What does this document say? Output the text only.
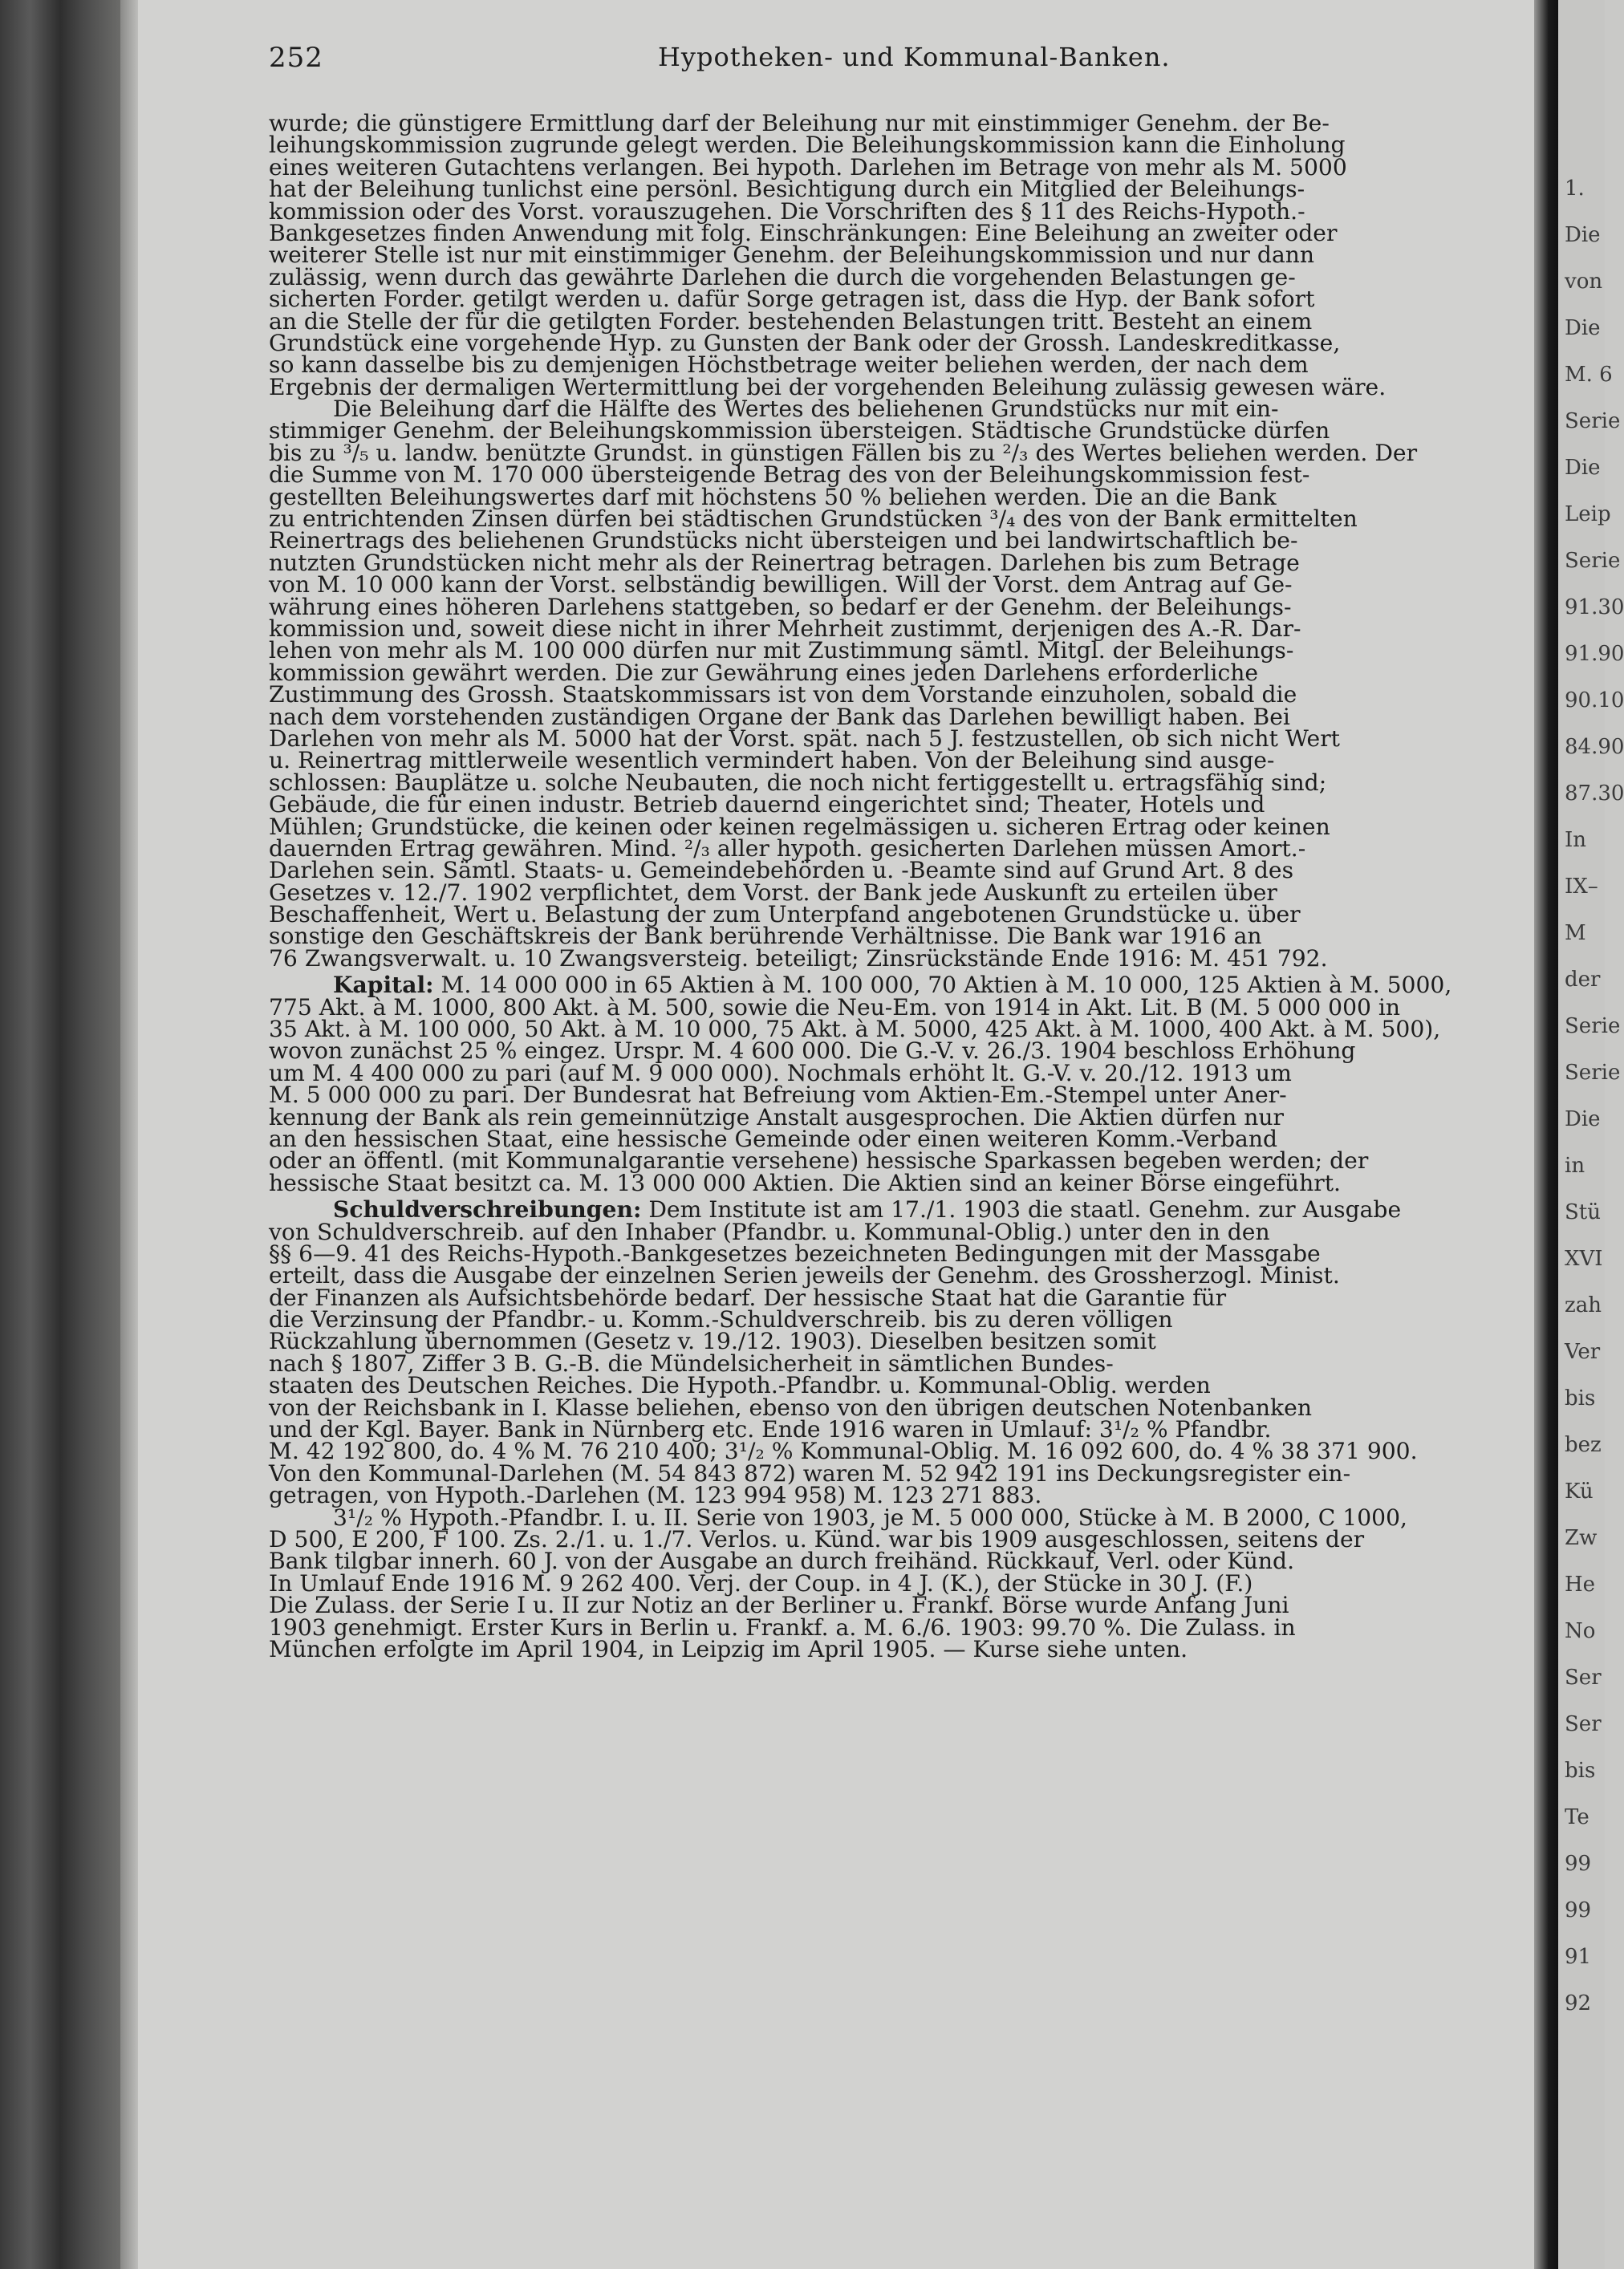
1.
Die
von
Die
M. 6
Serie
Die
Leip
Serie
91.30
91.90
90.10
84.90
87.30
In
IX–
M
der
Serie
Serie
Die
in
Stü
XVI
zah
Ver
bis
bez
Kü
Zw
He
No
Ser
Ser
bis
Te
99
99
91
92
252	Hypotheken- und Kommunal-Banken.
wurde; die günstigere Ermittlung darf der Beleihung nur mit einstimmiger Genehm. der Be-
leihungskommission zugrunde gelegt werden. Die Beleihungskommission kann die Einholung
eines weiteren Gutachtens verlangen. Bei hypoth. Darlehen im Betrage von mehr als M. 5000
hat der Beleihung tunlichst eine persönl. Besichtigung durch ein Mitglied der Beleihungs-
kommission oder des Vorst. vorauszugehen. Die Vorschriften des § 11 des Reichs-Hypoth.-
Bankgesetzes finden Anwendung mit folg. Einschränkungen: Eine Beleihung an zweiter oder
weiterer Stelle ist nur mit einstimmiger Genehm. der Beleihungskommission und nur dann
zulässig, wenn durch das gewährte Darlehen die durch die vorgehenden Belastungen ge-
sicherten Forder. getilgt werden u. dafür Sorge getragen ist, dass die Hyp. der Bank sofort
an die Stelle der für die getilgten Forder. bestehenden Belastungen tritt. Besteht an einem
Grundstück eine vorgehende Hyp. zu Gunsten der Bank oder der Grossh. Landeskreditkasse,
so kann dasselbe bis zu demjenigen Höchstbetrage weiter beliehen werden, der nach dem
Ergebnis der dermaligen Wertermittlung bei der vorgehenden Beleihung zulässig gewesen wäre.
Die Beleihung darf die Hälfte des Wertes des beliehenen Grundstücks nur mit ein-
stimmiger Genehm. der Beleihungskommission übersteigen. Städtische Grundstücke dürfen
bis zu ³/₅ u. landw. benützte Grundst. in günstigen Fällen bis zu ²/₃ des Wertes beliehen werden. Der
die Summe von M. 170 000 übersteigende Betrag des von der Beleihungskommission fest-
gestellten Beleihungswertes darf mit höchstens 50 % beliehen werden. Die an die Bank
zu entrichtenden Zinsen dürfen bei städtischen Grundstücken ³/₄ des von der Bank ermittelten
Reinertrags des beliehenen Grundstücks nicht übersteigen und bei landwirtschaftlich be-
nutzten Grundstücken nicht mehr als der Reinertrag betragen. Darlehen bis zum Betrage
von M. 10 000 kann der Vorst. selbständig bewilligen. Will der Vorst. dem Antrag auf Ge-
währung eines höheren Darlehens stattgeben, so bedarf er der Genehm. der Beleihungs-
kommission und, soweit diese nicht in ihrer Mehrheit zustimmt, derjenigen des A.-R. Dar-
lehen von mehr als M. 100 000 dürfen nur mit Zustimmung sämtl. Mitgl. der Beleihungs-
kommission gewährt werden. Die zur Gewährung eines jeden Darlehens erforderliche
Zustimmung des Grossh. Staatskommissars ist von dem Vorstande einzuholen, sobald die
nach dem vorstehenden zuständigen Organe der Bank das Darlehen bewilligt haben. Bei
Darlehen von mehr als M. 5000 hat der Vorst. spät. nach 5 J. festzustellen, ob sich nicht Wert
u. Reinertrag mittlerweile wesentlich vermindert haben. Von der Beleihung sind ausge-
schlossen: Bauplätze u. solche Neubauten, die noch nicht fertiggestellt u. ertragsfähig sind;
Gebäude, die für einen industr. Betrieb dauernd eingerichtet sind; Theater, Hotels und
Mühlen; Grundstücke, die keinen oder keinen regelmässigen u. sicheren Ertrag oder keinen
dauernden Ertrag gewähren. Mind. ²/₃ aller hypoth. gesicherten Darlehen müssen Amort.-
Darlehen sein. Sämtl. Staats- u. Gemeindebehörden u. -Beamte sind auf Grund Art. 8 des
Gesetzes v. 12./7. 1902 verpflichtet, dem Vorst. der Bank jede Auskunft zu erteilen über
Beschaffenheit, Wert u. Belastung der zum Unterpfand angebotenen Grundstücke u. über
sonstige den Geschäftskreis der Bank berührende Verhältnisse. Die Bank war 1916 an
76 Zwangsverwalt. u. 10 Zwangsversteig. beteiligt; Zinsrückstände Ende 1916: M. 451 792.
Kapital: M. 14 000 000 in 65 Aktien à M. 100 000, 70 Aktien à M. 10 000, 125 Aktien à M. 5000,
775 Akt. à M. 1000, 800 Akt. à M. 500, sowie die Neu-Em. von 1914 in Akt. Lit. B (M. 5 000 000 in
35 Akt. à M. 100 000, 50 Akt. à M. 10 000, 75 Akt. à M. 5000, 425 Akt. à M. 1000, 400 Akt. à M. 500),
wovon zunächst 25 % eingez. Urspr. M. 4 600 000. Die G.-V. v. 26./3. 1904 beschloss Erhöhung
um M. 4 400 000 zu pari (auf M. 9 000 000). Nochmals erhöht lt. G.-V. v. 20./12. 1913 um
M. 5 000 000 zu pari. Der Bundesrat hat Befreiung vom Aktien-Em.-Stempel unter Aner-
kennung der Bank als rein gemeinnützige Anstalt ausgesprochen. Die Aktien dürfen nur
an den hessischen Staat, eine hessische Gemeinde oder einen weiteren Komm.-Verband
oder an öffentl. (mit Kommunalgarantie versehene) hessische Sparkassen begeben werden; der
hessische Staat besitzt ca. M. 13 000 000 Aktien. Die Aktien sind an keiner Börse eingeführt.
Schuldverschreibungen: Dem Institute ist am 17./1. 1903 die staatl. Genehm. zur Ausgabe
von Schuldverschreib. auf den Inhaber (Pfandbr. u. Kommunal-Oblig.) unter den in den
§§ 6—9. 41 des Reichs-Hypoth.-Bankgesetzes bezeichneten Bedingungen mit der Massgabe
erteilt, dass die Ausgabe der einzelnen Serien jeweils der Genehm. des Grossherzogl. Minist.
der Finanzen als Aufsichtsbehörde bedarf. Der hessische Staat hat die Garantie für
die Verzinsung der Pfandbr.- u. Komm.-Schuldverschreib. bis zu deren völligen
Rückzahlung übernommen (Gesetz v. 19./12. 1903). Dieselben besitzen somit
nach § 1807, Ziffer 3 B. G.-B. die Mündelsicherheit in sämtlichen Bundes-
staaten des Deutschen Reiches. Die Hypoth.-Pfandbr. u. Kommunal-Oblig. werden
von der Reichsbank in I. Klasse beliehen, ebenso von den übrigen deutschen Notenbanken
und der Kgl. Bayer. Bank in Nürnberg etc. Ende 1916 waren in Umlauf: 3¹/₂ % Pfandbr.
M. 42 192 800, do. 4 % M. 76 210 400; 3¹/₂ % Kommunal-Oblig. M. 16 092 600, do. 4 % 38 371 900.
Von den Kommunal-Darlehen (M. 54 843 872) waren M. 52 942 191 ins Deckungsregister ein-
getragen, von Hypoth.-Darlehen (M. 123 994 958) M. 123 271 883.
3¹/₂ % Hypoth.-Pfandbr. I. u. II. Serie von 1903, je M. 5 000 000, Stücke à M. B 2000, C 1000,
D 500, E 200, F 100. Zs. 2./1. u. 1./7. Verlos. u. Künd. war bis 1909 ausgeschlossen, seitens der
Bank tilgbar innerh. 60 J. von der Ausgabe an durch freihänd. Rückkauf, Verl. oder Künd.
In Umlauf Ende 1916 M. 9 262 400. Verj. der Coup. in 4 J. (K.), der Stücke in 30 J. (F.)
Die Zulass. der Serie I u. II zur Notiz an der Berliner u. Frankf. Börse wurde Anfang Juni
1903 genehmigt. Erster Kurs in Berlin u. Frankf. a. M. 6./6. 1903: 99.70 %. Die Zulass. in
München erfolgte im April 1904, in Leipzig im April 1905. — Kurse siehe unten.
